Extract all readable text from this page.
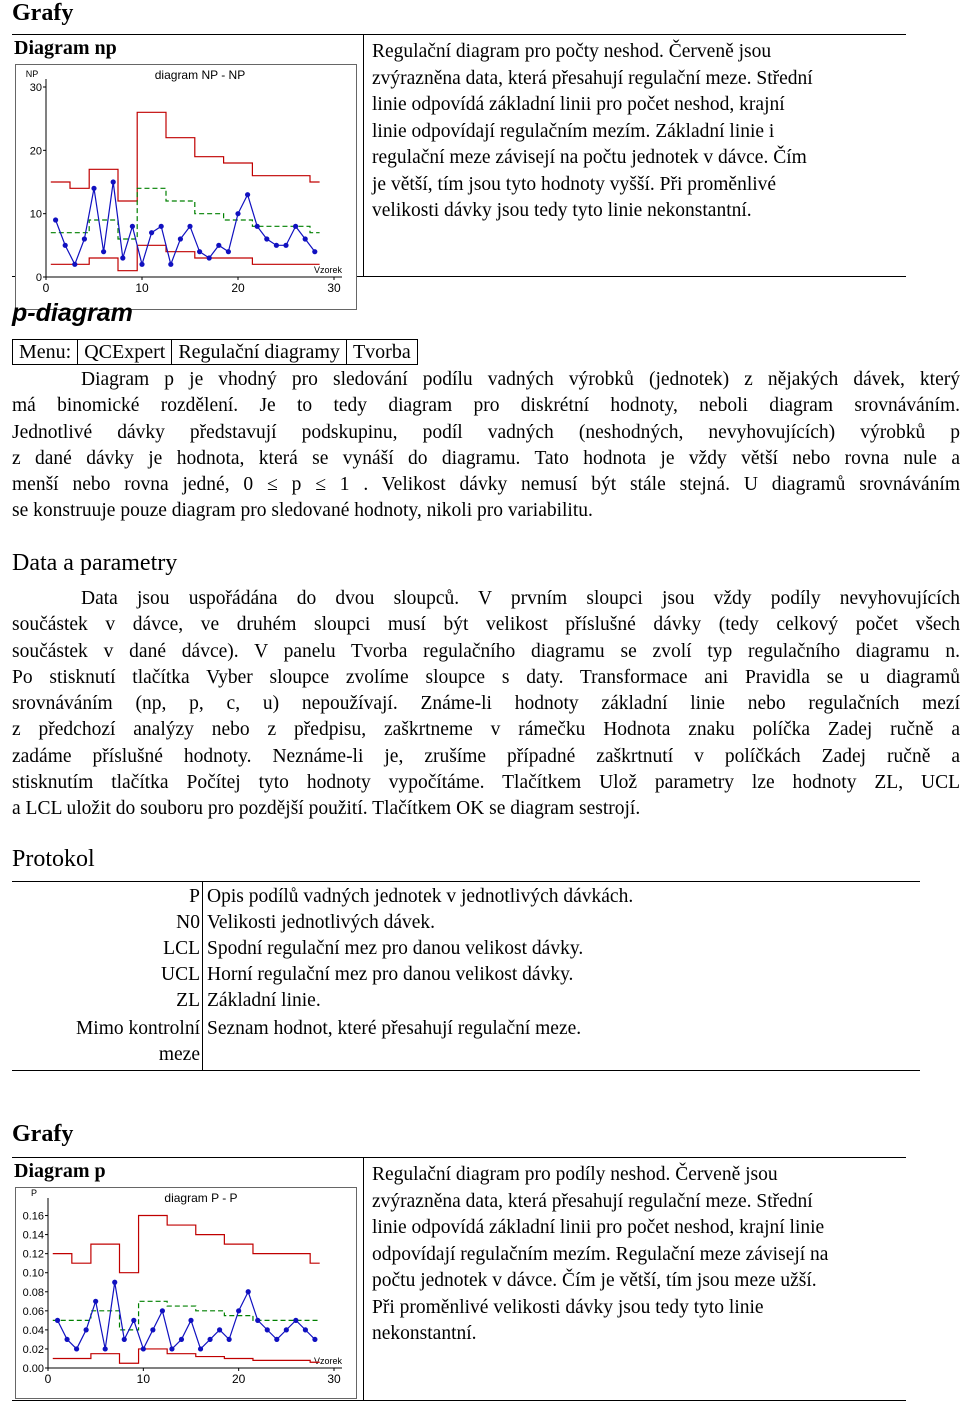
Grafy
Diagram np
diagram NP - NP
NP
Vzorek
0
10
20
30
0	10	20	30
Regulační diagram pro počty neshod. Červeně jsou
zvýrazněna data, která přesahují regulační meze. Střední
linie odpovídá základní linii pro počet neshod, krajní
linie odpovídají regulačním mezím. Základní linie i
regulační meze závisejí na počtu jednotek v dávce. Čím
je větší, tím jsou tyto hodnoty vyšší. Při proměnlivé
velikosti dávky jsou tedy tyto linie nekonstantní.
p-diagram
Menu: QCExpert Regulační diagramy Tvorba
Diagram p je vhodný pro sledování podílu vadných výrobků (jednotek) z nějakých dávek, který
má binomické rozdělení. Je to tedy diagram pro diskrétní hodnoty, neboli diagram srovnáváním.
Jednotlivé dávky představují podskupinu, podíl vadných (neshodných, nevyhovujících) výrobků p
z dané dávky je hodnota, která se vynáší do diagramu. Tato hodnota je vždy větší nebo rovna nule a
menší nebo rovna jedné, 0 ≤ p ≤ 1 . Velikost dávky nemusí být stále stejná. U diagramů srovnáváním
se konstruuje pouze diagram pro sledované hodnoty, nikoli pro variabilitu.
Data a parametry
Data jsou uspořádána do dvou sloupců. V prvním sloupci jsou vždy podíly nevyhovujících
součástek v dávce, ve druhém sloupci musí být velikost příslušné dávky (tedy celkový počet všech
součástek v dané dávce). V panelu Tvorba regulačního diagramu se zvolí typ regulačního diagramu n.
Po stisknutí tlačítka Vyber sloupce zvolíme sloupce s daty. Transformace ani Pravidla se u diagramů
srovnáváním (np, p, c, u) nepoužívají. Známe-li hodnoty základní linie nebo regulačních mezí
z předchozí analýzy nebo z předpisu, zaškrtneme v rámečku Hodnota znaku políčka Zadej ručně a
zadáme příslušné hodnoty. Neznáme-li je, zrušíme případné zaškrtnutí v políčkách Zadej ručně a
stisknutím tlačítka Počítej tyto hodnoty vypočítáme. Tlačítkem Ulož parametry lze hodnoty ZL, UCL
a LCL uložit do souboru pro pozdější použití. Tlačítkem OK se diagram sestrojí.
Protokol
P Opis podílů vadných jednotek v jednotlivých dávkách.
N0 Velikosti jednotlivých dávek.
LCL Spodní regulační mez pro danou velikost dávky.
UCL Horní regulační mez pro danou velikost dávky.
ZL Základní linie.
Mimo kontrolní Seznam hodnot, které přesahují regulační meze.
meze
Grafy
Diagram p
diagram P - P
P
Vzorek
0.00
0.02
0.04
0.06
0.08
0.10
0.12
0.14
0.16
0	10	20	30
Regulační diagram pro podíly neshod. Červeně jsou
zvýrazněna data, která přesahují regulační meze. Střední
linie odpovídá základní linii pro počet neshod, krajní linie
odpovídají regulačním mezím. Regulační meze závisejí na
počtu jednotek v dávce. Čím je větší, tím jsou meze užší.
Při proměnlivé velikosti dávky jsou tedy tyto linie
nekonstantní.
